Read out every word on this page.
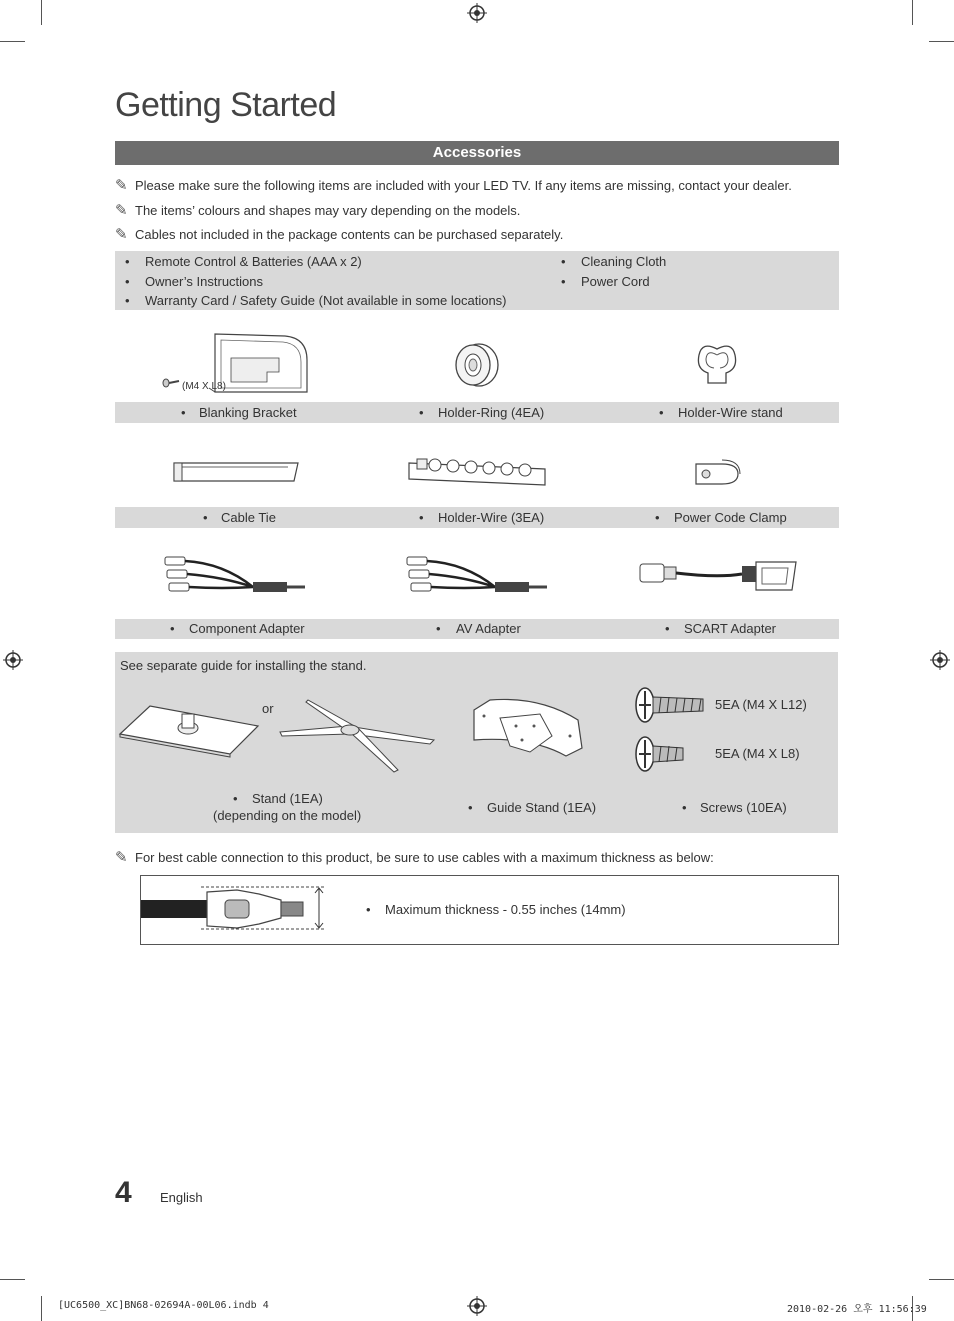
Getting Started
Accessories
✎ Please make sure the following items are included with your LED TV. If any items are missing, contact your dealer.
✎ The items’ colours and shapes may vary depending on the models.
✎ Cables not included in the package contents can be purchased separately.
• Remote Control & Batteries (AAA x 2)
• Owner’s Instructions
• Warranty Card / Safety Guide (Not available in some locations)
• Cleaning Cloth
• Power Cord
(M4 X L8)
• Blanking Bracket	• Holder-Ring (4EA)	• Holder-Wire stand
• Cable Tie	• Holder-Wire (3EA)	• Power Code Clamp
• Component Adapter	• AV Adapter	• SCART Adapter
See separate guide for installing the stand.
or	5EA (M4 X L12)
5EA (M4 X L8)
• Stand (1EA)
(depending on the model)
• Guide Stand (1EA)	• Screws (10EA)
✎ For best cable connection to this product, be sure to use cables with a maximum thickness as below:
• Maximum thickness - 0.55 inches (14mm)
4 English
[UC6500_XC]BN68-02694A-00L06.indb 4	2010-02-26 오후 11:56:39
